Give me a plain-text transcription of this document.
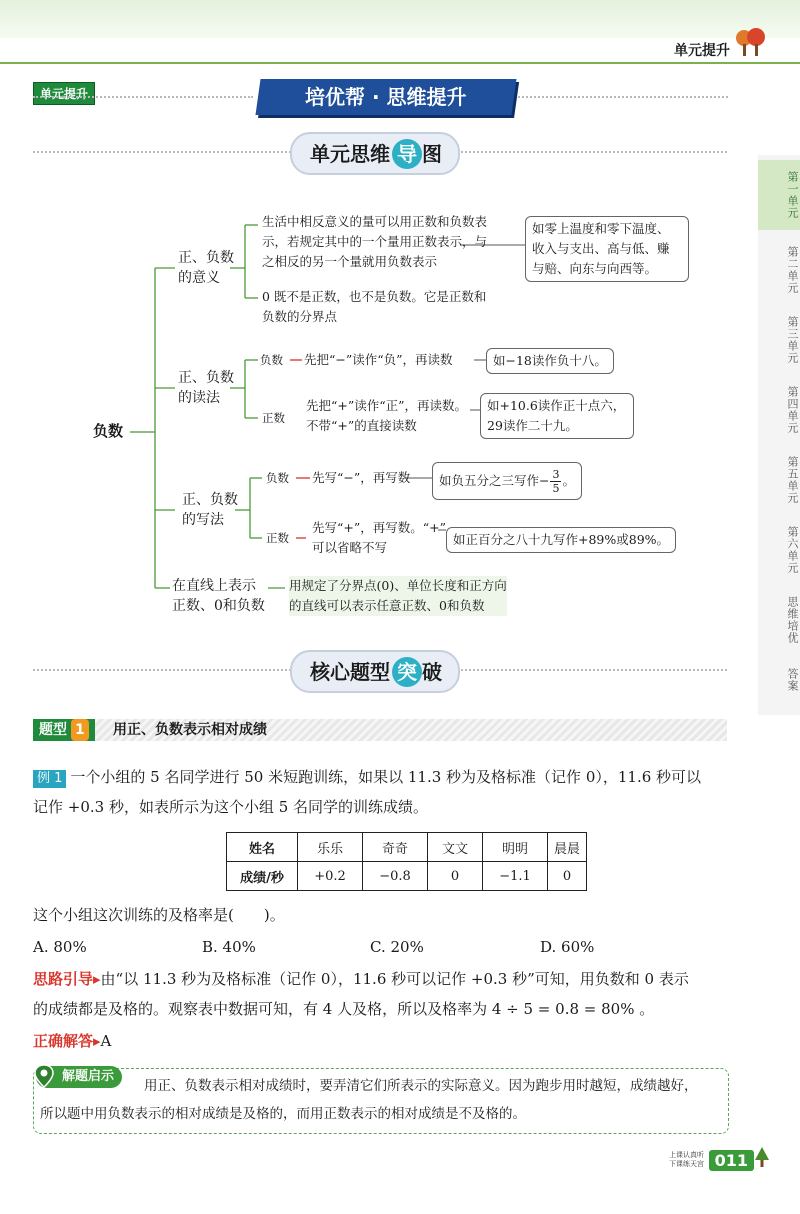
单元提升
单元提升	培优帮 · 思维提升
单元思维 导 图
第一单元
第二单元
第三单元
第四单元
第五单元
第六单元
思维培优
答案
负数
正、负数
的意义
生活中相反意义的量可以用正数和负数表
示，若规定其中的一个量用正数表示，与
之相反的另一个量就用负数表示
如零上温度和零下温度、
收入与支出、高与低、赚
与赔、向东与向西等。
0 既不是正数，也不是负数。它是正数和
负数的分界点
正、负数
的读法
负数 先把“−”读作“负”，再读数	如−18读作负十八。
正数
先把“+”读作“正”，再读数。
不带“+”的直接读数
如+10.6读作正十点六，
29读作二十九。
正、负数
的写法
负数 先写“−”，再写数 如负五分之三写作− $\frac{3}{5}$ 。
正数
先写“+”，再写数。“+”
可以省略不写
如正百分之八十九写作+89%或89%。
在直线上表示
正数、0和负数
用规定了分界点(0)、单位长度和正方向
的直线可以表示任意正数、0和负数
核心题型 突 破
题型 1	用正、负数表示相对成绩
例 1 一个小组的 5 名同学进行 50 米短跑训练，如果以 11.3 秒为及格标准（记作 0），11.6 秒可以
记作 +0.3 秒，如表所示为这个小组 5 名同学的训练成绩。
姓名	乐乐	奇奇	文文	明明	晨晨
成绩/秒	+0.2	−0.8	0	−1.1	0
这个小组这次训练的及格率是(　　)。
A. 80%	B. 40%	C. 20%	D. 60%
思路引导▸由“以 11.3 秒为及格标准（记作 0），11.6 秒可以记作 +0.3 秒”可知，用负数和 0 表示
的成绩都是及格的。观察表中数据可知，有 4 人及格，所以及格率为 4 ÷ 5 = 0.8 = 80% 。
正确解答▸A
解题启示
用正、负数表示相对成绩时，要弄清它们所表示的实际意义。因为跑步用时越短，成绩越好，
所以题中用负数表示的相对成绩是及格的，而用正数表示的相对成绩是不及格的。
上课认真听
下课练天宫 011
